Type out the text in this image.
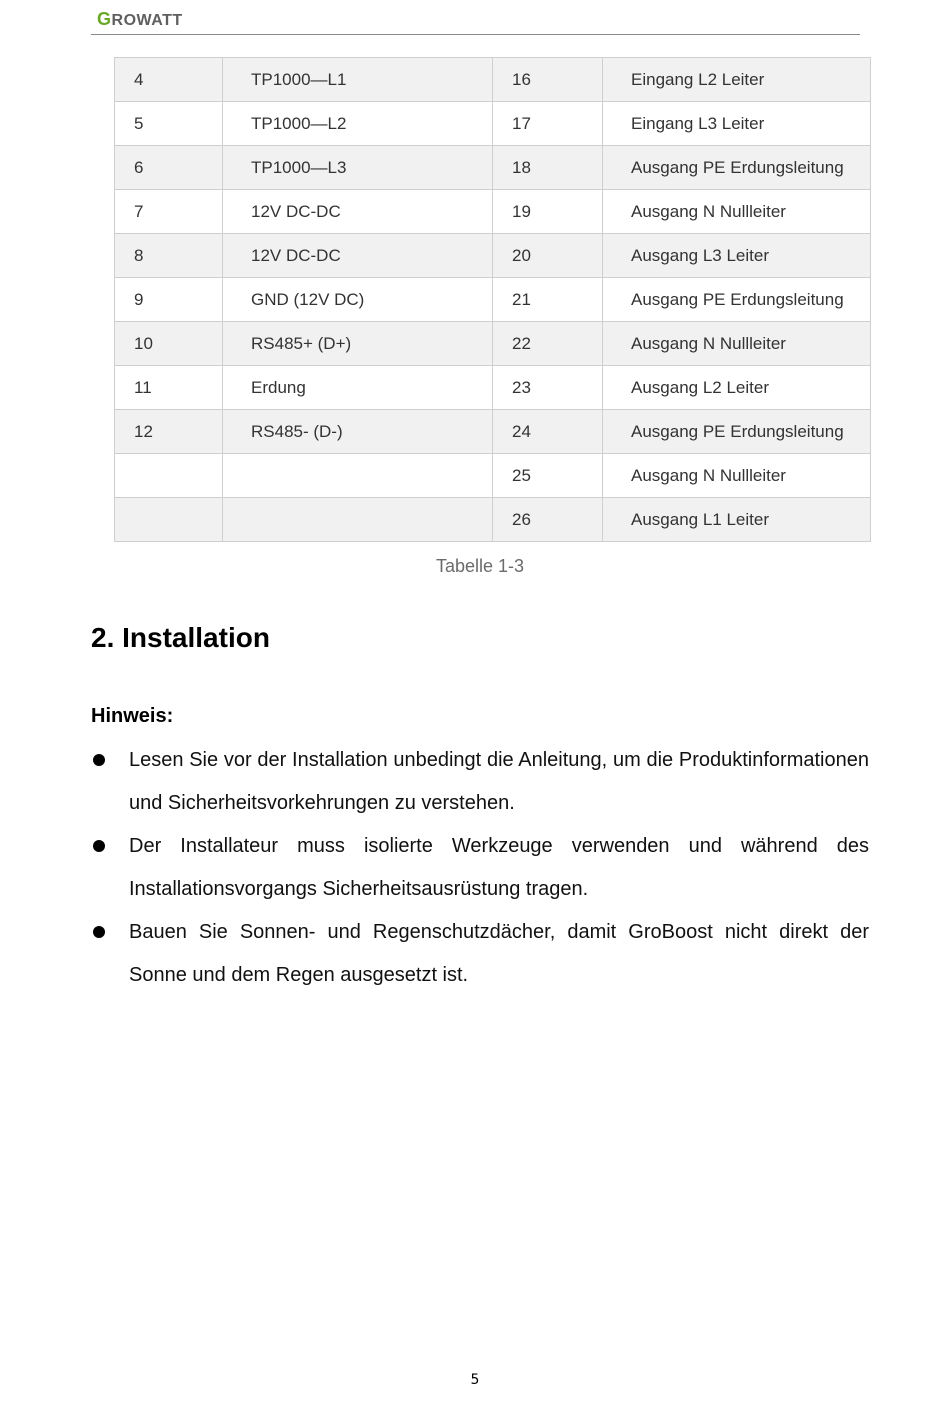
GROWATT
4	TP1000—L1	16	Eingang L2 Leiter
5	TP1000—L2	17	Eingang L3 Leiter
6	TP1000—L3	18	Ausgang PE Erdungsleitung
7	12V DC-DC	19	Ausgang N Nullleiter
8	12V DC-DC	20	Ausgang L3 Leiter
9	GND (12V DC)	21	Ausgang PE Erdungsleitung
10	RS485+ (D+)	22	Ausgang N Nullleiter
11	Erdung	23	Ausgang L2 Leiter
12	RS485- (D-)	24	Ausgang PE Erdungsleitung
		25	Ausgang N Nullleiter
		26	Ausgang L1 Leiter
Tabelle 1-3
2. Installation

Hinweis:

Lesen Sie vor der Installation unbedingt die Anleitung, um die Produktinformationen und Sicherheitsvorkehrungen zu verstehen.
Der Installateur muss isolierte Werkzeuge verwenden und während des Installationsvorgangs Sicherheitsausrüstung tragen.
Bauen Sie Sonnen- und Regenschutzdächer, damit GroBoost nicht direkt der Sonne und dem Regen ausgesetzt ist.
5
